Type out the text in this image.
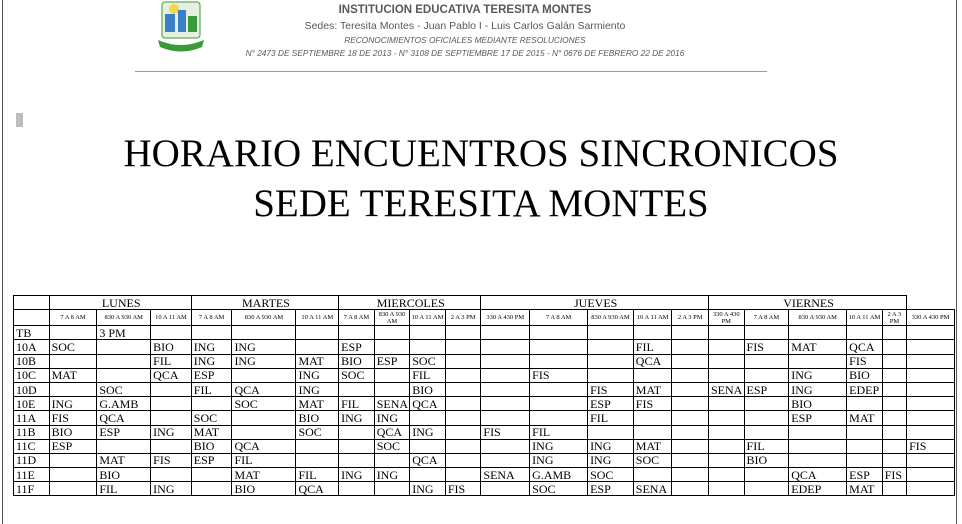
INSTITUCION EDUCATIVA TERESITA MONTES
Sedes: Teresita Montes - Juan Pablo I - Luis Carlos Galán Sarmiento
RECONOCIMIENTOS OFICIALES MEDIANTE RESOLUCIONES
N° 2473 DE SEPTIEMBRE 18 DE 2013 - N° 3108 DE SEPTIEMBRE 17 DE 2015 - N° 0676 DE FEBRERO 22 DE 2016
HORARIO ENCUENTROS SINCRONICOS
SEDE TERESITA MONTES
	LUNES			MARTES			MIERCOLES				JUEVES					VIERNES					
	7 A 8 AM	830 A 930 AM	10 A 11 AM	7 A 8 AM	830 A 930 AM	10 A 11 AM	7 A 8 AM	830 A 930 AM	10 A 11 AM	2 A 3 PM	330 A 430 PM	7 A 8 AM	830 A 930 AM	10 A 11 AM	2 A 3 PM	330 A 430 PM	7 A 8 AM	830 A 930 AM	10 A 11 AM	2 A 3 PM	330 A 430 PM
TB		3 PM																			
10A	SOC		BIO	ING	ING		ESP							FIL			FIS	MAT	QCA		
10B			FIL	ING	ING	MAT	BIO	ESP	SOC					QCA					FIS		
10C	MAT		QCA	ESP		ING	SOC		FIL			FIS						ING	BIO		
10D		SOC		FIL	QCA	ING			BIO				FIS	MAT		SENA	ESP	ING	EDEP		
10E	ING	G.AMB			SOC	MAT	FIL	SENA	QCA				ESP	FIS				BIO			
11A	FIS	QCA		SOC		BIO	ING	ING					FIL					ESP	MAT		
11B	BIO	ESP	ING	MAT		SOC		QCA	ING		FIS	FIL									
11C	ESP			BIO	QCA			SOC				ING	ING	MAT			FIL				FIS
11D		MAT	FIS	ESP	FIL				QCA			ING	ING	SOC			BIO				
11E		BIO			MAT	FIL	ING	ING			SENA	G.AMB	SOC					QCA	ESP	FIS	
11F		FIL	ING		BIO	QCA			ING	FIS		SOC	ESP	SENA				EDEP	MAT		
